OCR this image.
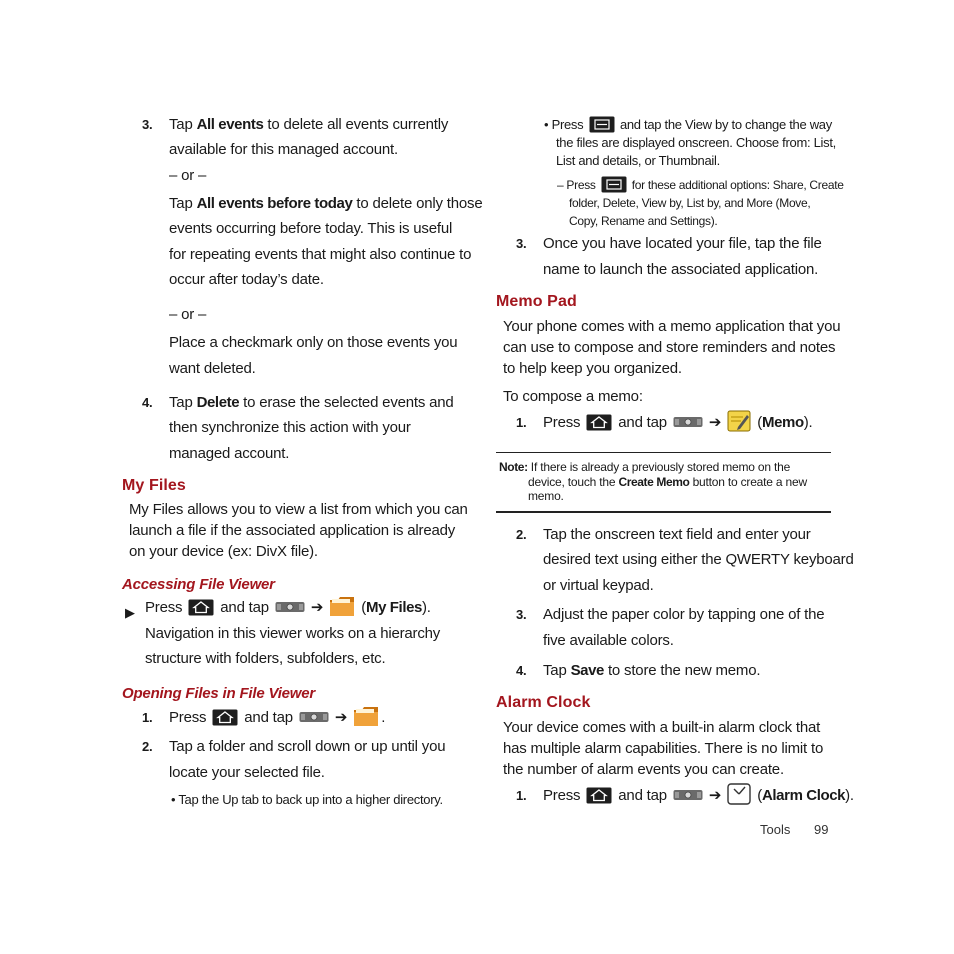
3. Tap All events to delete all events currently
available for this managed account.
– or –
Tap All events before today to delete only those
events occurring before today. This is useful
for repeating events that might also continue to
occur after today’s date.
– or –
Place a checkmark only on those events you
want deleted.
4. Tap Delete to erase the selected events and
then synchronize this action with your
managed account.
My Files
My Files allows you to view a list from which you can
launch a file if the associated application is already
on your device (ex: DivX file).
Accessing File Viewer
▶ Press	and tap	➔	(My Files).
Navigation in this viewer works on a hierarchy
structure with folders, subfolders, etc.
Opening Files in File Viewer
1. Press	and tap	➔ .
2. Tap a folder and scroll down or up until you
locate your selected file.
• Tap the Up tab to back up into a higher directory.
• Press	and tap the View by to change the way
the files are displayed onscreen. Choose from: List,
List and details, or Thumbnail.
– Press	for these additional options: Share, Create
folder, Delete, View by, List by, and More (Move,
Copy, Rename and Settings).
3. Once you have located your file, tap the file
name to launch the associated application.
Memo Pad
Your phone comes with a memo application that you
can use to compose and store reminders and notes
to help keep you organized.
To compose a memo:
1. Press	and tap	➔ (Memo).
Note: If there is already a previously stored memo on the
device, touch the Create Memo button to create a new
memo.
2. Tap the onscreen text field and enter your
desired text using either the QWERTY keyboard
or virtual keypad.
3. Adjust the paper color by tapping one of the
five available colors.
4. Tap Save to store the new memo.
Alarm Clock
Your device comes with a built-in alarm clock that
has multiple alarm capabilities. There is no limit to
the number of alarm events you can create.
1. Press	and tap	➔ (Alarm Clock).
Tools 99
